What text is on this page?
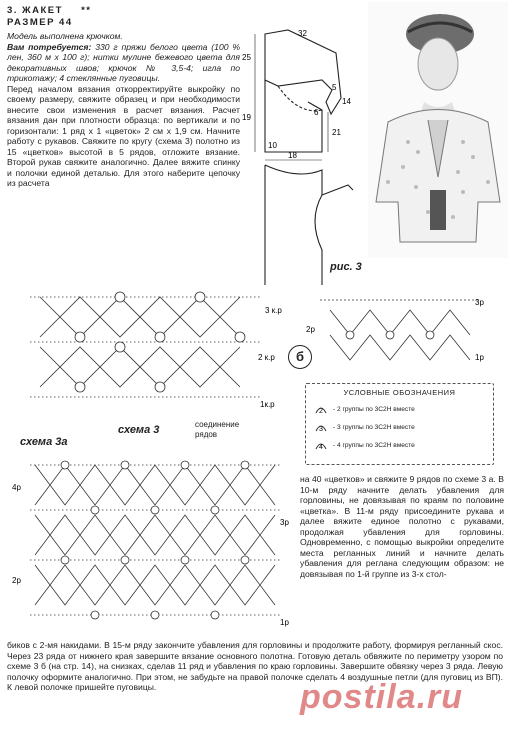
3. ЖАКЕТ **
РАЗМЕР 44

Модель выполнена крючком.

Вам потребуется: 330 г пряжи белого цвета (100 % лен, 360 м х 100 г); нитки мулине бежевого цвета для декоративных швов; крючок № 3,5-4; игла по трикотажу; 4 стеклянные пуговицы.

Перед началом вязания откорректируйте выкройку по своему размеру, свяжите образец и при необходимости внесите свои изменения в расчет вязания. Расчет вязания дан при плотности образца: по вертикали и по горизонтали: 1 ряд х 1 «цветок» 2 см х 1,9 см. Начните работу с рукавов. Свяжите по кругу (схема 3) полотно из 15 «цветков» высотой в 5 рядов, отложите вязание. Второй рукав свяжите аналогично. Далее вяжите спинку и полочки единой деталью. Для этого наберите цепочку из расчета

32
25
19
14
21
5
6
18
10
рис. 3
3 к.р
2 к.р
1к.р
схема 3	соединение
рядов
3р
2р
1р
б
УСЛОВНЫЕ ОБОЗНАЧЕНИЯ
2 - 2 группы по 3С2Н вместе
3 - 3 группы по 3С2Н вместе
4 - 4 группы по 3С2Н вместе
схема 3а
4р
3р
2р
1р
на 40 «цветков» и свяжите 9 рядов по схеме 3 а. В 10-м ряду начните делать убавления для горловины, не довязывая по краям по половине «цветка». В 11-м ряду присоедините рукава и далее вяжите единое полотно с рукавами, продолжая убавления для горловины. Одновременно, с помощью выкройки определите места регланных линий и начните делать убавления для реглана следующим образом: не довязывая по 1-й группе из 3-х стол-
биков с 2-мя накидами. В 15-м ряду закончите убавления для горловины и продолжите работу, формируя регланный скос. Через 23 ряда от нижнего края завершите вязание основного полотна. Готовую деталь обвяжите по периметру узором по схеме 3 б (на стр. 14), на снизках, сделав 11 ряд и убавления по краю горловины. Завершите обвязку через 3 ряда. Левую полочку оформите аналогично. При этом, не забудьте на правой полочке сделать 4 воздушные петли (для пуговиц из ВП). К левой полочке пришейте пуговицы.	postila.ru
